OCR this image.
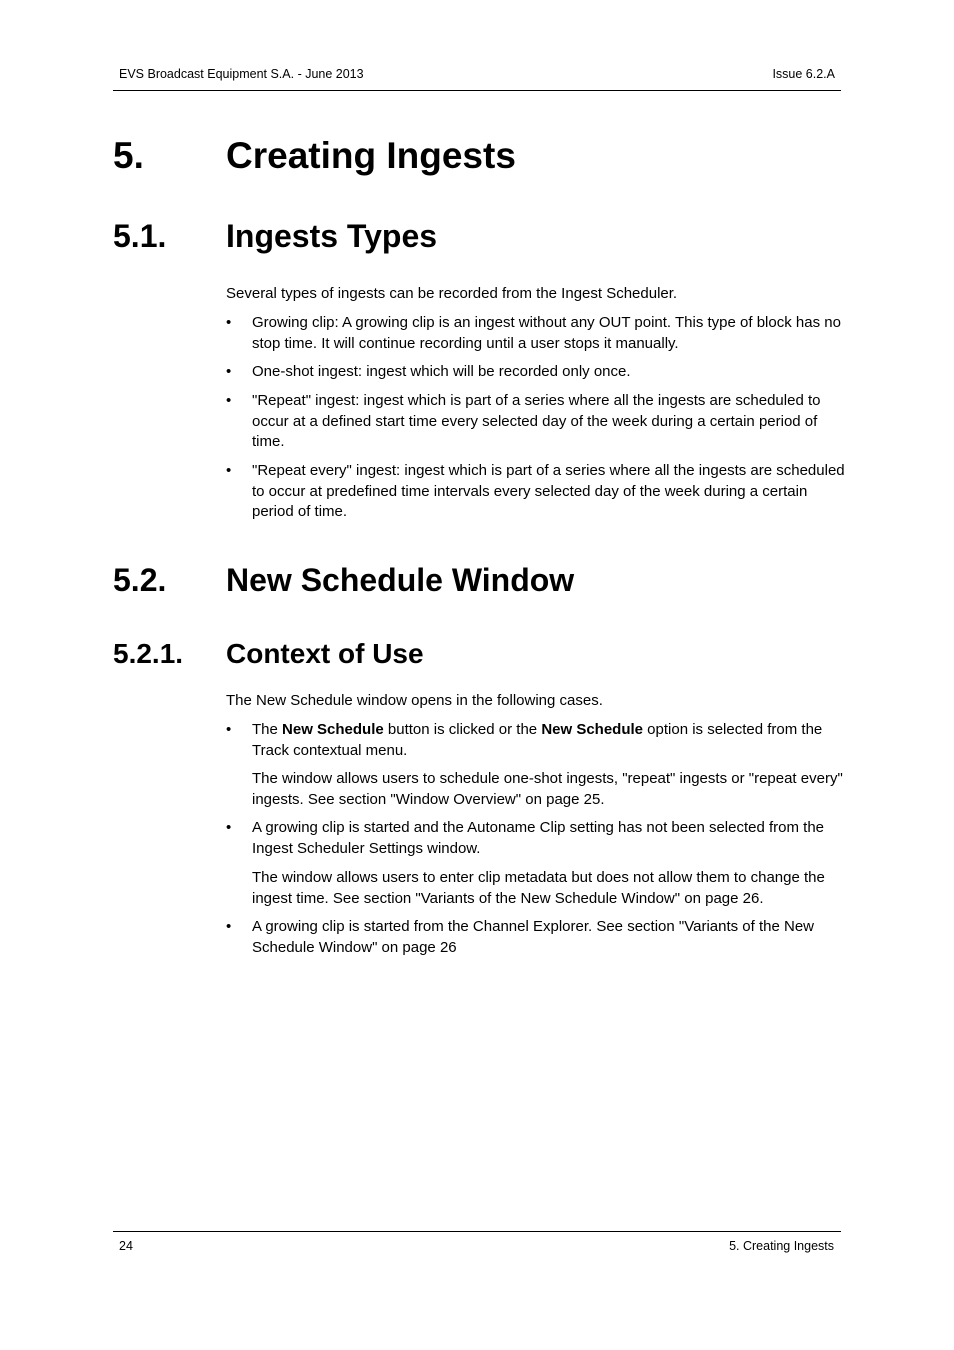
EVS Broadcast Equipment S.A. - June 2013	Issue 6.2.A
5. Creating Ingests
5.1. Ingests Types

Several types of ingests can be recorded from the Ingest Scheduler.

•	Growing clip: A growing clip is an ingest without any OUT point. This type of block has no stop time. It will continue recording until a user stops it manually.
•	One-shot ingest: ingest which will be recorded only once.
•	"Repeat" ingest: ingest which is part of a series where all the ingests are scheduled to occur at a defined start time every selected day of the week during a certain period of time.
•	"Repeat every" ingest: ingest which is part of a series where all the ingests are scheduled to occur at predefined time intervals every selected day of the week during a certain period of time.
5.2. New Schedule Window
5.2.1. Context of Use

The New Schedule window opens in the following cases.

•	The New Schedule button is clicked or the New Schedule option is selected from the Track contextual menu.

The window allows users to schedule one-shot ingests, "repeat" ingests or "repeat every" ingests. See section "Window Overview" on page 25.

•	A growing clip is started and the Autoname Clip setting has not been selected from the Ingest Scheduler Settings window.

The window allows users to enter clip metadata but does not allow them to change the ingest time. See section "Variants of the New Schedule Window" on page 26.

•	A growing clip is started from the Channel Explorer. See section "Variants of the New Schedule Window" on page 26
24	5. Creating Ingests
